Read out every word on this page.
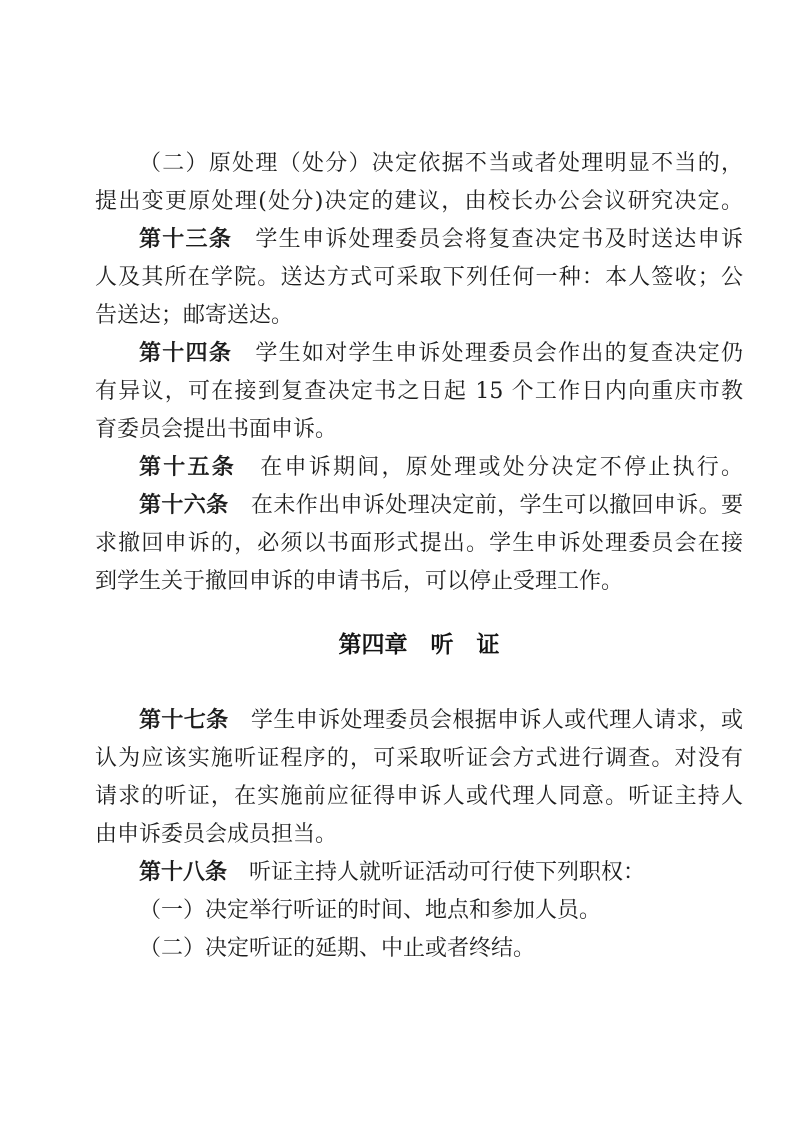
（二）原处理（处分）决定依据不当或者处理明显不当的，
提出变更原处理(处分)决定的建议，由校长办公会议研究决定。
第十三条　学生申诉处理委员会将复查决定书及时送达申诉
人及其所在学院。送达方式可采取下列任何一种：本人签收；公
告送达；邮寄送达。
第十四条　学生如对学生申诉处理委员会作出的复查决定仍
有异议，可在接到复查决定书之日起 15 个工作日内向重庆市教
育委员会提出书面申诉。
第十五条　在申诉期间，原处理或处分决定不停止执行。
第十六条　在未作出申诉处理决定前，学生可以撤回申诉。要
求撤回申诉的，必须以书面形式提出。学生申诉处理委员会在接
到学生关于撤回申诉的申请书后，可以停止受理工作。
第四章　听　证
第十七条　学生申诉处理委员会根据申诉人或代理人请求，或
认为应该实施听证程序的，可采取听证会方式进行调查。对没有
请求的听证，在实施前应征得申诉人或代理人同意。听证主持人
由申诉委员会成员担当。
第十八条　听证主持人就听证活动可行使下列职权：
（一）决定举行听证的时间、地点和参加人员。
（二）决定听证的延期、中止或者终结。
